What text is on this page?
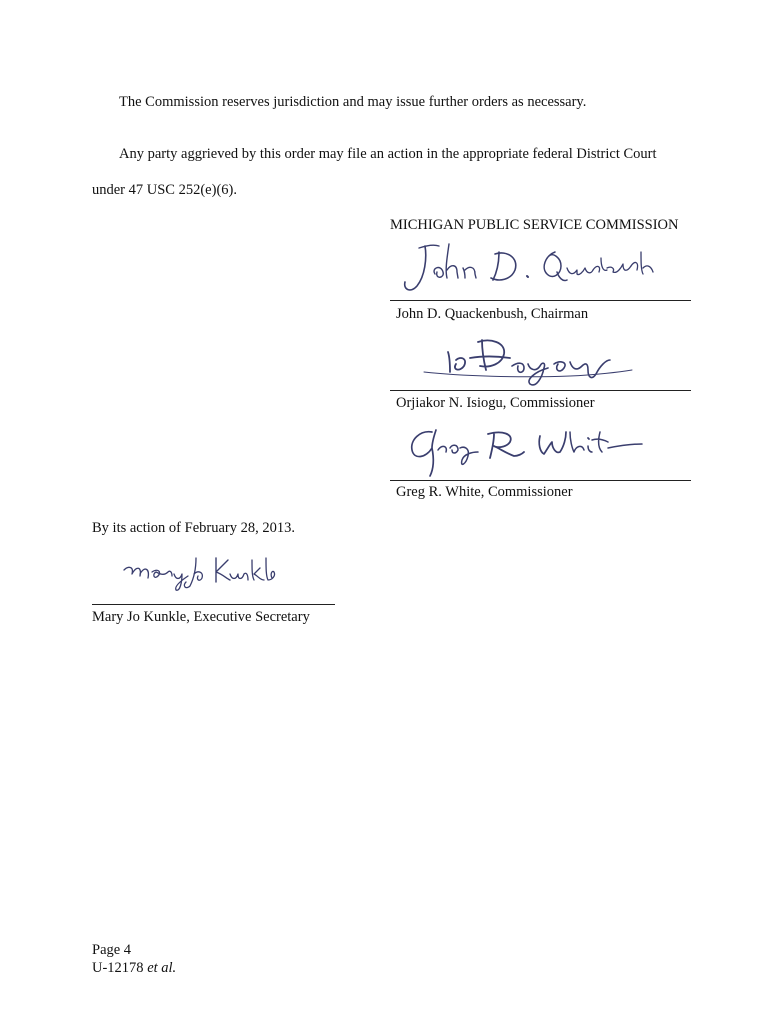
The Commission reserves jurisdiction and may issue further orders as necessary.
Any party aggrieved by this order may file an action in the appropriate federal District Court
under 47 USC 252(e)(6).
MICHIGAN PUBLIC SERVICE COMMISSION
John D. Quackenbush, Chairman
Orjiakor N. Isiogu, Commissioner
Greg R. White, Commissioner
By its action of February 28, 2013.
Mary Jo Kunkle, Executive Secretary
Page 4
U-12178 et al.
